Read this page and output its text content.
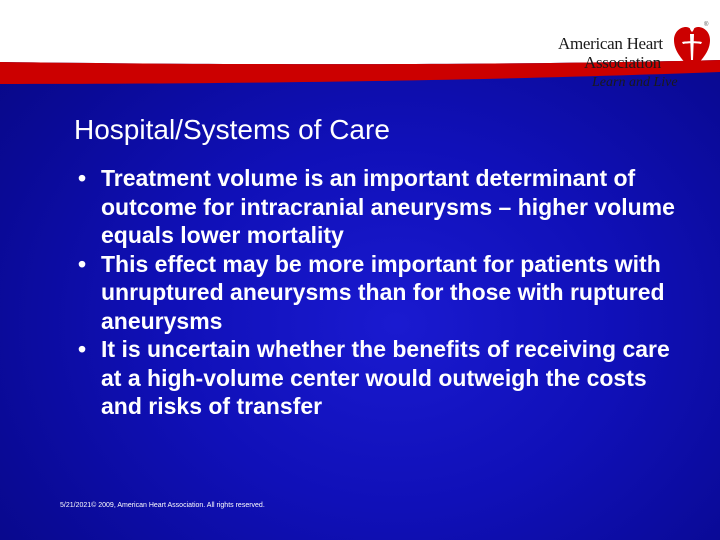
American Heart
Association
Learn and Live
®
Hospital/Systems of Care
• Treatment volume is an important determinant of outcome for intracranial aneurysms – higher volume equals lower mortality
• This effect may be more important for patients with unruptured aneurysms than for those with ruptured aneurysms
• It is uncertain whether the benefits of receiving care at a high-volume center would outweigh the costs and risks of transfer
5/21/2021© 2009, American Heart Association. All rights reserved.
